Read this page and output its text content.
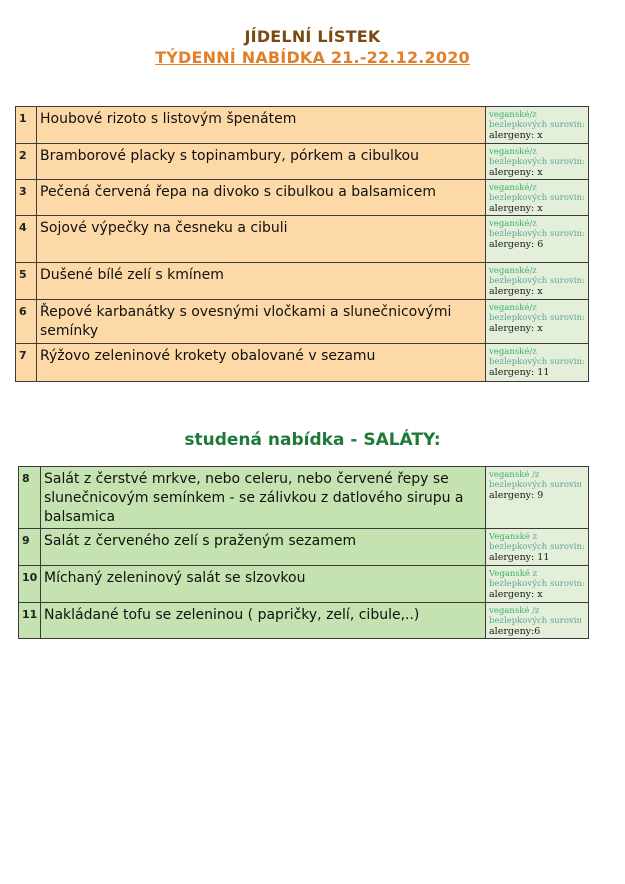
JÍDELNÍ LÍSTEK
TÝDENNÍ NABÍDKA 21.-22.12.2020
1	Houbové rizoto s listovým špenátem	veganské/z bezlepkových surovin:
alergeny: x

2	Bramborové placky s topinambury, pórkem a cibulkou	veganské/z bezlepkových surovin:
alergeny: x

3	Pečená červená řepa na divoko s cibulkou a balsamicem	veganské/z bezlepkových surovin:
alergeny: x

4	Sojové výpečky na česneku a cibuli	veganské/z bezlepkových surovin:
alergeny: 6

5	Dušené bílé zelí s kmínem	veganské/z bezlepkových surovin:
alergeny: x

6	Řepové karbanátky s ovesnými vločkami a slunečnicovými semínky	veganské/z bezlepkových surovin:
alergeny: x

7	Rýžovo zeleninové krokety obalované v sezamu	veganské/z bezlepkových surovin:
alergeny: 11
studená nabídka - SALÁTY:
8	Salát z čerstvé mrkve, nebo celeru, nebo červené řepy se slunečnicovým semínkem - se zálivkou z datlového sirupu a balsamica	veganské /z bezlepkových surovin
alergeny: 9

9	Salát z červeného zelí s praženým sezamem	Veganské z bezlepkových surovin:
alergeny: 11

10	Míchaný zeleninový salát se slzovkou	Veganské z bezlepkových surovin:
alergeny: x

11	Nakládané tofu se zeleninou ( papričky, zelí, cibule,..)	veganské /z bezlepkových surovin
alergeny:6
